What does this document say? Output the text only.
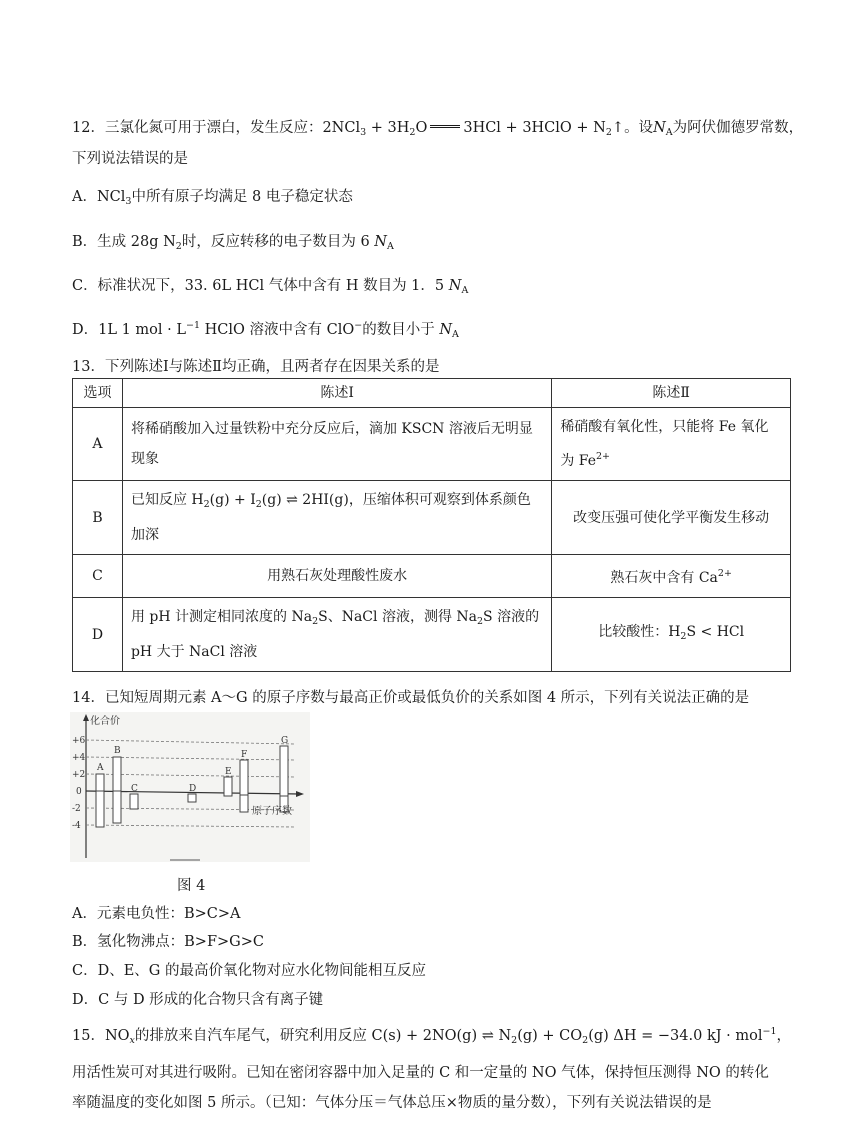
12．三氯化氮可用于漂白，发生反应：$2NCl_3 + 3H_2O$ 3HCl + 3HClO + $N_2↑$。设$N_A$为阿伏伽德罗常数，
下列说法错误的是
A．NCl$_3$中所有原子均满足 8 电子稳定状态
B．生成 28g $N_2$时，反应转移的电子数目为 6 $N_A$
C．标准状况下，33. 6L HCl 气体中含有 H 数目为 1．5 $N_A$
D．1L 1 mol · $L^{-1}$ HClO 溶液中含有 ClO−的数目小于 $N_A$
13．下列陈述Ⅰ与陈述Ⅱ均正确，且两者存在因果关系的是
选项	陈述Ⅰ	陈述Ⅱ
A	将稀硝酸加入过量铁粉中充分反应后，滴加 KSCN 溶液后无明显现象	稀硝酸有氧化性，只能将 Fe 氧化为 $Fe^{2+}$
B	已知反应 $H_2(g) + I_2(g)$ ⇌ 2HI(g)，压缩体积可观察到体系颜色加深	改变压强可使化学平衡发生移动
C	用熟石灰处理酸性废水	熟石灰中含有 $Ca^{2+}$
D	用 pH 计测定相同浓度的 $Na_2S$、NaCl 溶液，测得 $Na_2S$ 溶液的 pH 大于 NaCl 溶液	比较酸性：$H_2S$ < HCl
14．已知短周期元素 A～G 的原子序数与最高正价或最低负价的关系如图 4 所示，下列有关说法正确的是
化合价
+6
+4
+2
0
-2
-4
A
B
C	D
E
F
G
原子序数
图 4
A．元素电负性：B>C>A
B．氢化物沸点：B>F>G>C
C．D、E、G 的最高价氧化物对应水化物间能相互反应
D．C 与 D 形成的化合物只含有离子键
15．$NO_x$的排放来自汽车尾气，研究利用反应 C(s) + 2NO(g) ⇌ $N_2(g) + CO_2(g) \Delta H = -34.0$ kJ · mol$^{-1}$，
用活性炭可对其进行吸附。已知在密闭容器中加入足量的 C 和一定量的 NO 气体，保持恒压测得 NO 的转化
率随温度的变化如图 5 所示。（已知：气体分压＝气体总压×物质的量分数），下列有关说法错误的是
